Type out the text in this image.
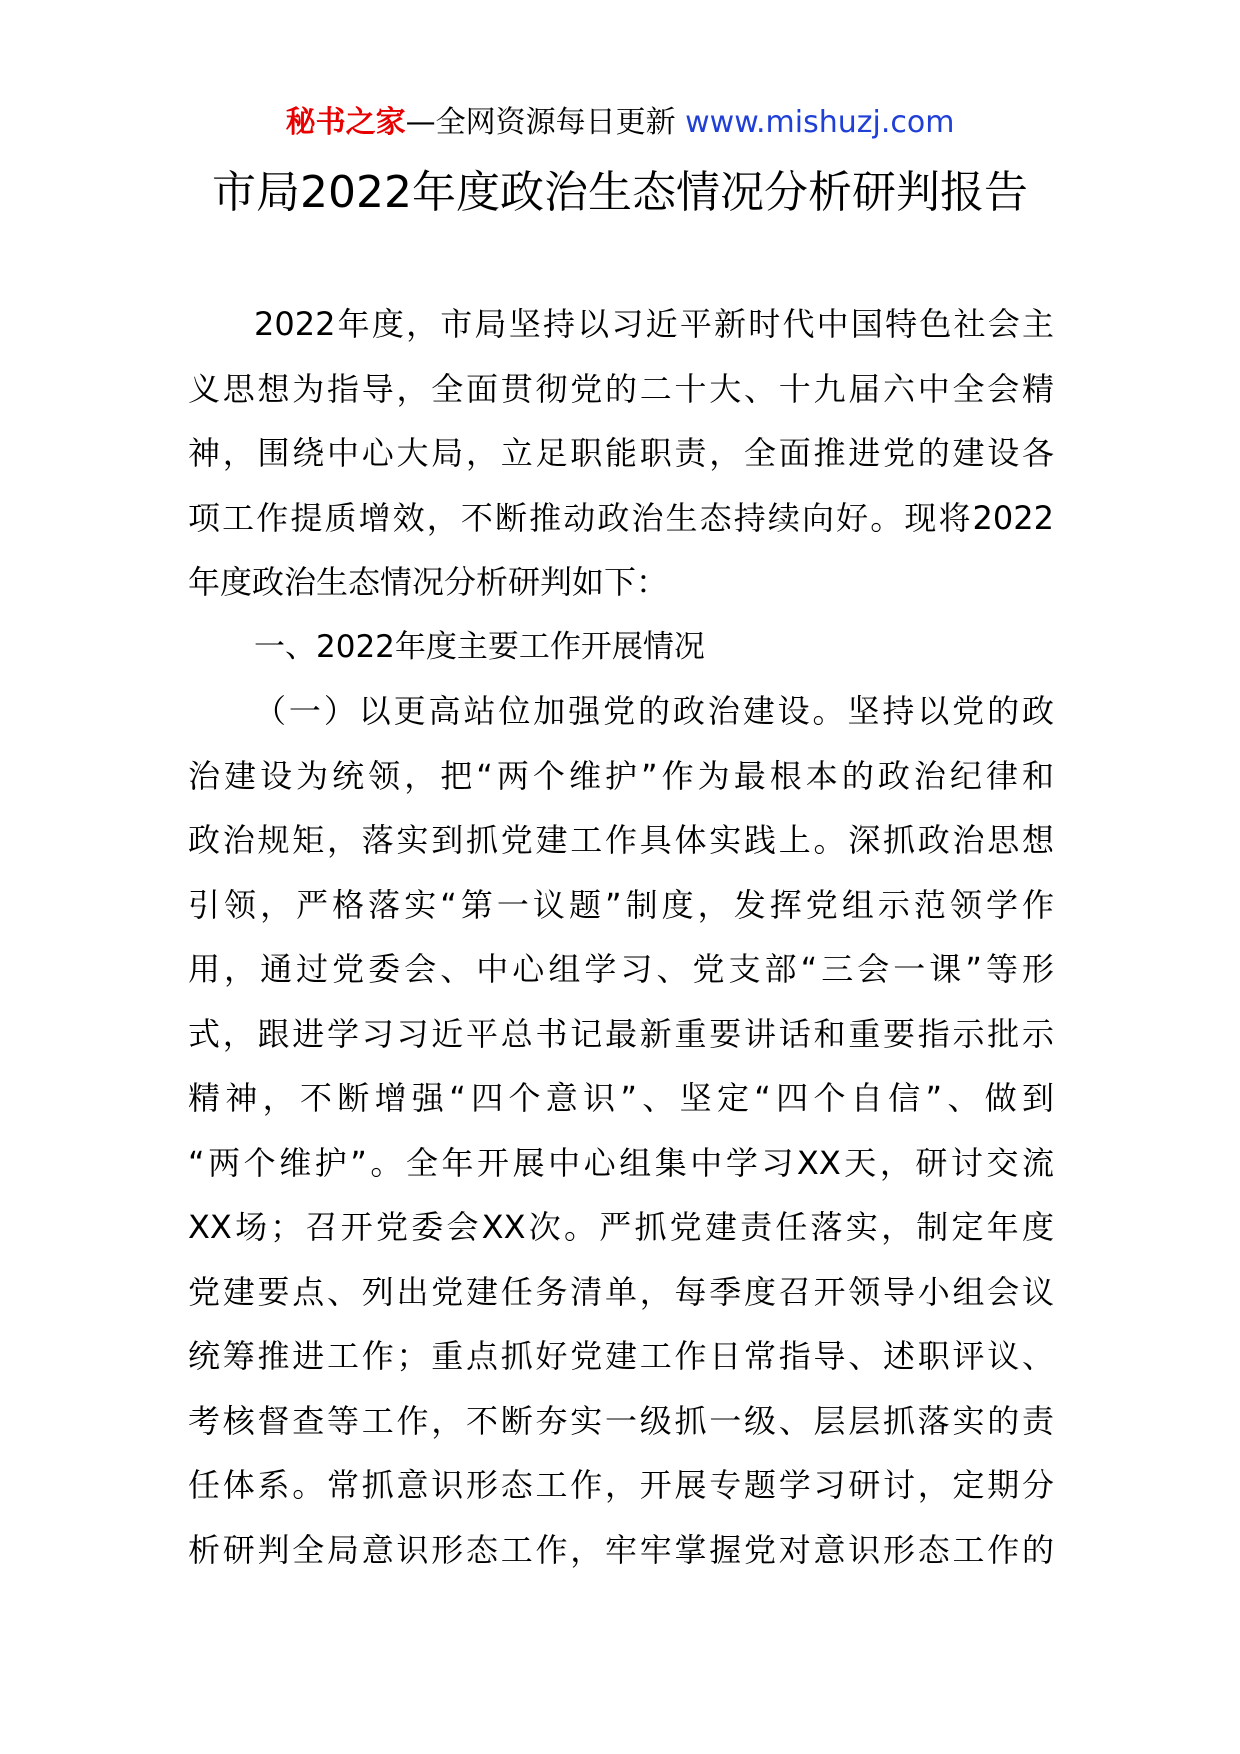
秘书之家—全网资源每日更新 www.mishuzj.com
市局2022年度政治生态情况分析研判报告
2022年度，市局坚持以习近平新时代中国特色社会主
义思想为指导，全面贯彻党的二十大、十九届六中全会精
神，围绕中心大局，立足职能职责，全面推进党的建设各
项工作提质增效，不断推动政治生态持续向好。现将2022
年度政治生态情况分析研判如下：
一、2022年度主要工作开展情况
（一）以更高站位加强党的政治建设。坚持以党的政
治建设为统领，把“两个维护”作为最根本的政治纪律和
政治规矩，落实到抓党建工作具体实践上。深抓政治思想
引领，严格落实“第一议题”制度，发挥党组示范领学作
用，通过党委会、中心组学习、党支部“三会一课”等形
式，跟进学习习近平总书记最新重要讲话和重要指示批示
精神，不断增强“四个意识”、坚定“四个自信”、做到
“两个维护”。全年开展中心组集中学习XX天，研讨交流
XX场；召开党委会XX次。严抓党建责任落实，制定年度
党建要点、列出党建任务清单，每季度召开领导小组会议
统筹推进工作；重点抓好党建工作日常指导、述职评议、
考核督查等工作，不断夯实一级抓一级、层层抓落实的责
任体系。常抓意识形态工作，开展专题学习研讨，定期分
析研判全局意识形态工作，牢牢掌握党对意识形态工作的
